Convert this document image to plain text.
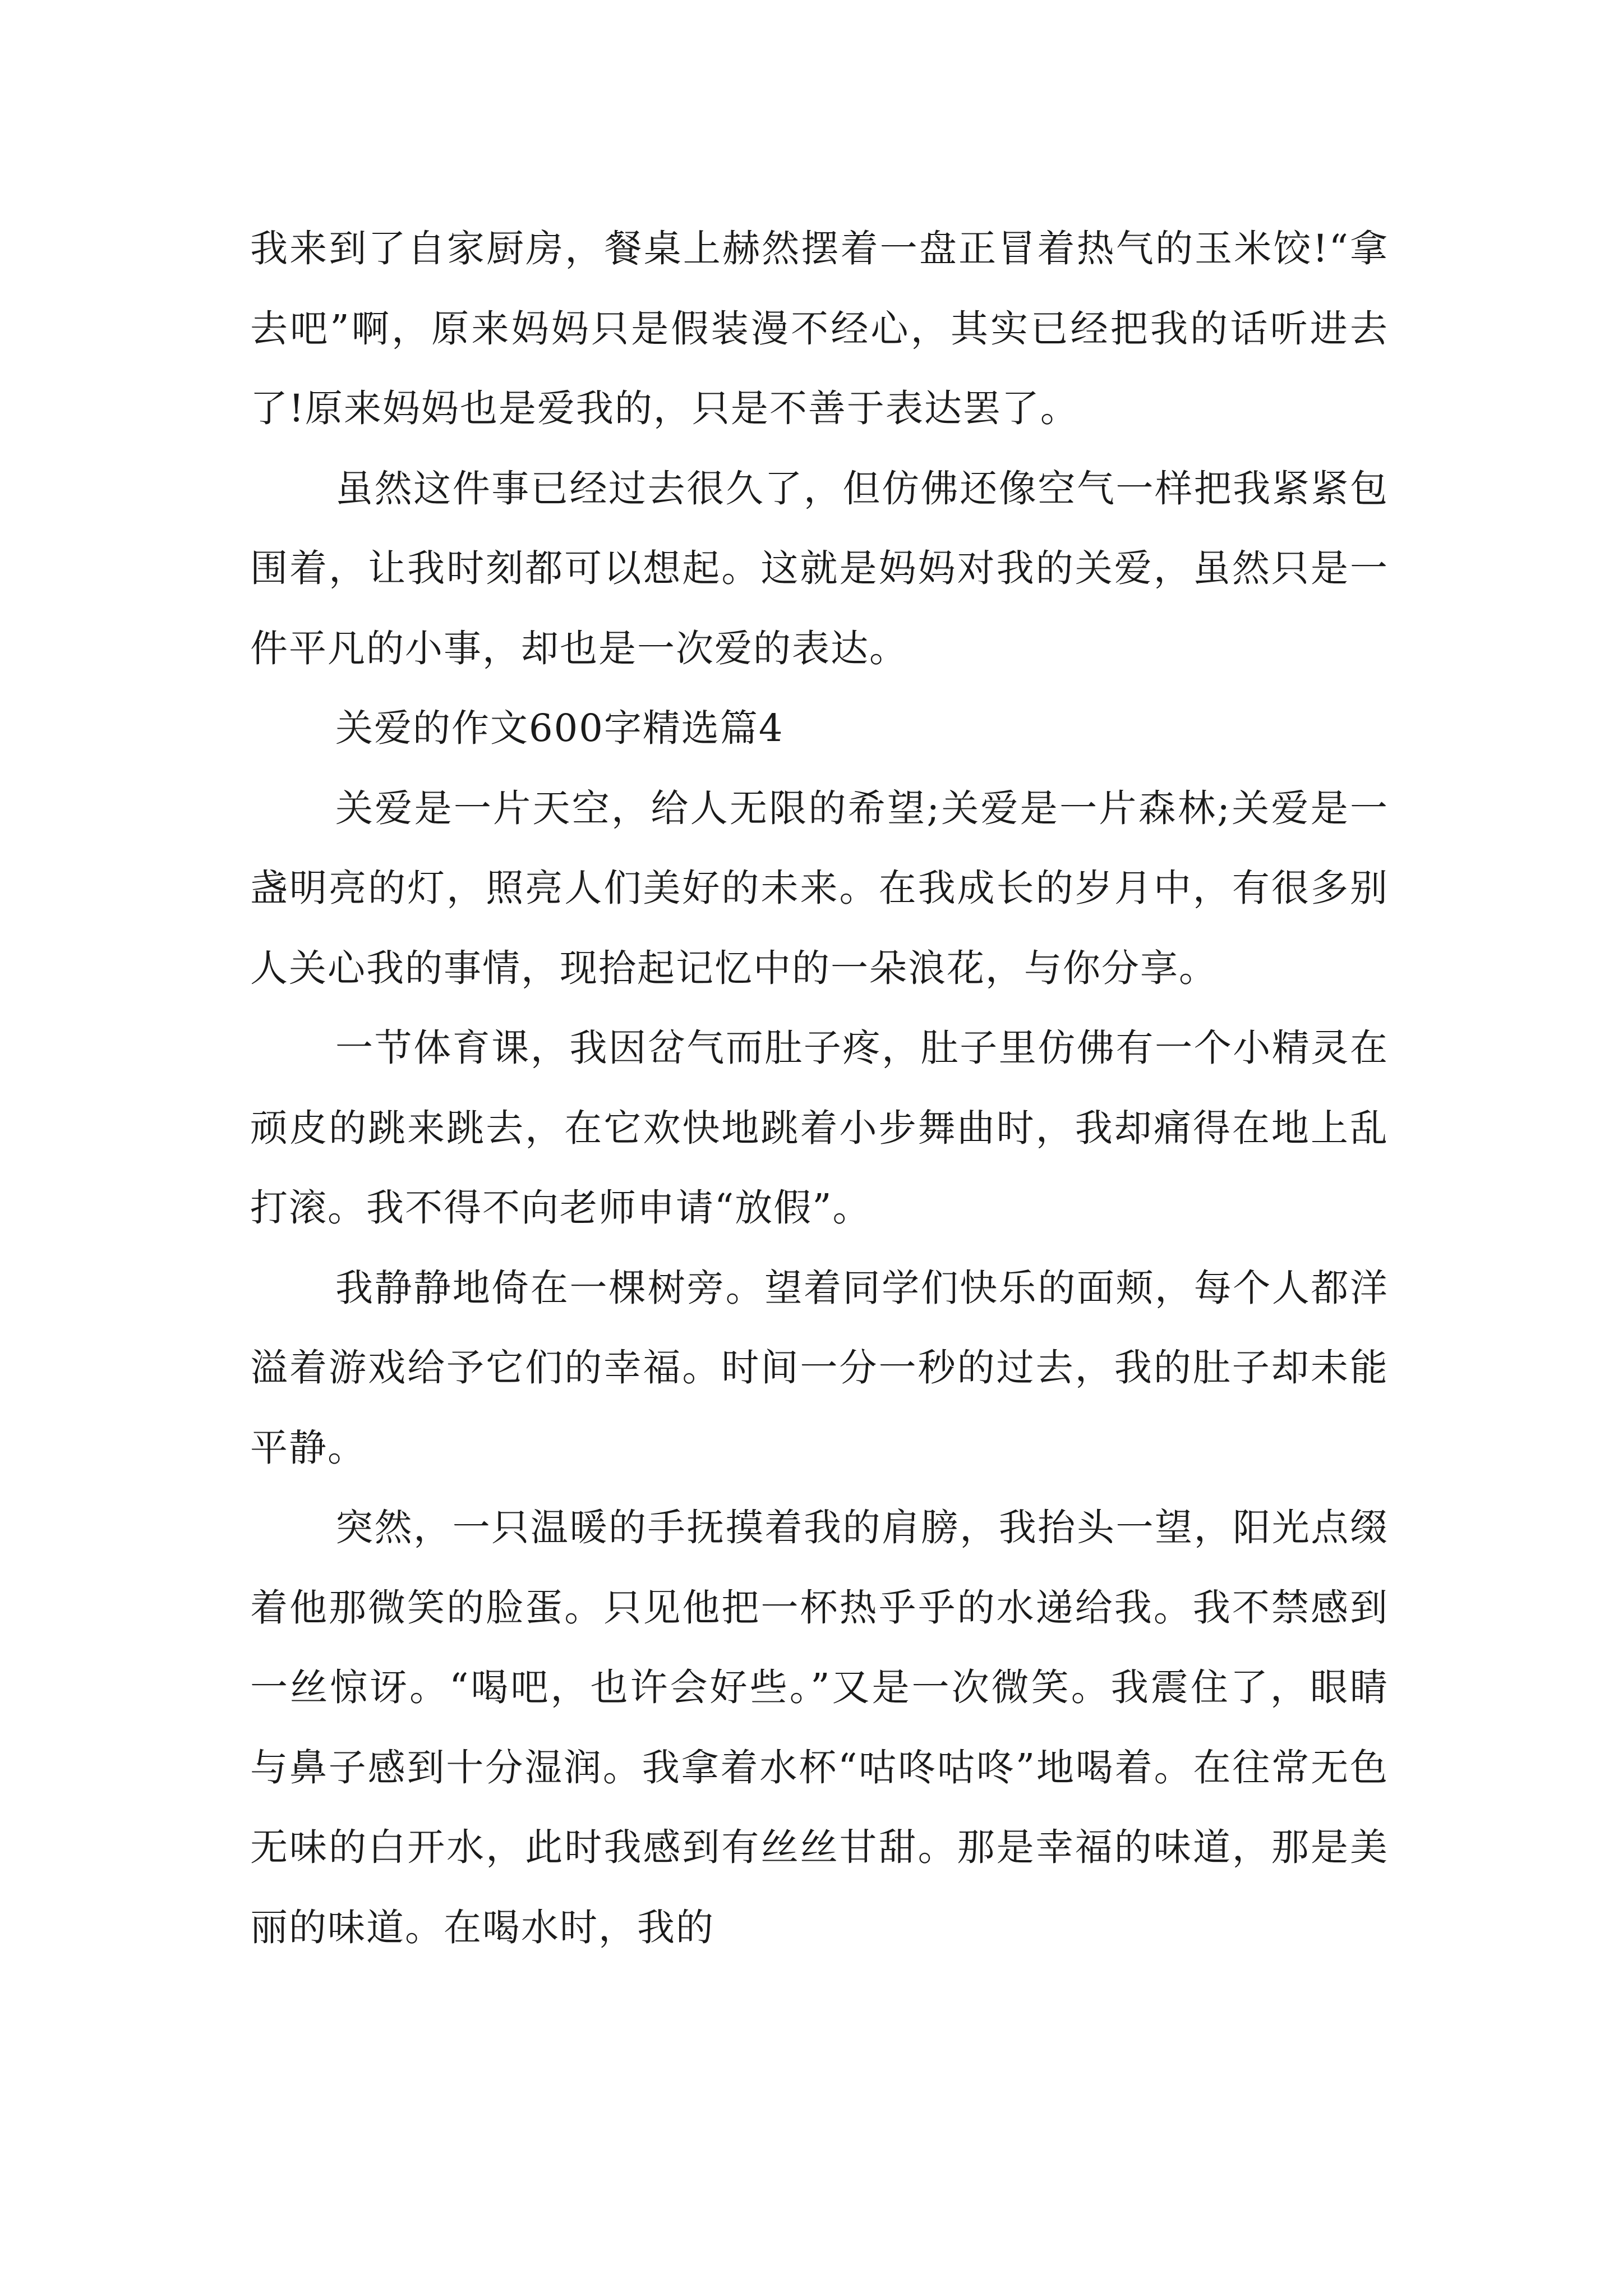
我来到了自家厨房，餐桌上赫然摆着一盘正冒着热气的玉米饺!“拿去吧”啊，原来妈妈只是假装漫不经心，其实已经把我的话听进去了!原来妈妈也是爱我的，只是不善于表达罢了。

虽然这件事已经过去很久了，但仿佛还像空气一样把我紧紧包围着，让我时刻都可以想起。这就是妈妈对我的关爱，虽然只是一件平凡的小事，却也是一次爱的表达。

关爱的作文600字精选篇4

关爱是一片天空，给人无限的希望;关爱是一片森林;关爱是一盏明亮的灯，照亮人们美好的未来。在我成长的岁月中，有很多别人关心我的事情，现拾起记忆中的一朵浪花，与你分享。

一节体育课，我因岔气而肚子疼，肚子里仿佛有一个小精灵在顽皮的跳来跳去，在它欢快地跳着小步舞曲时，我却痛得在地上乱打滚。我不得不向老师申请“放假”。

我静静地倚在一棵树旁。望着同学们快乐的面颊，每个人都洋溢着游戏给予它们的幸福。时间一分一秒的过去，我的肚子却未能平静。

突然，一只温暖的手抚摸着我的肩膀，我抬头一望，阳光点缀着他那微笑的脸蛋。只见他把一杯热乎乎的水递给我。我不禁感到一丝惊讶。“喝吧，也许会好些。”又是一次微笑。我震住了，眼睛与鼻子感到十分湿润。我拿着水杯“咕咚咕咚”地喝着。在往常无色无味的白开水，此时我感到有丝丝甘甜。那是幸福的味道，那是美丽的味道。在喝水时，我的
